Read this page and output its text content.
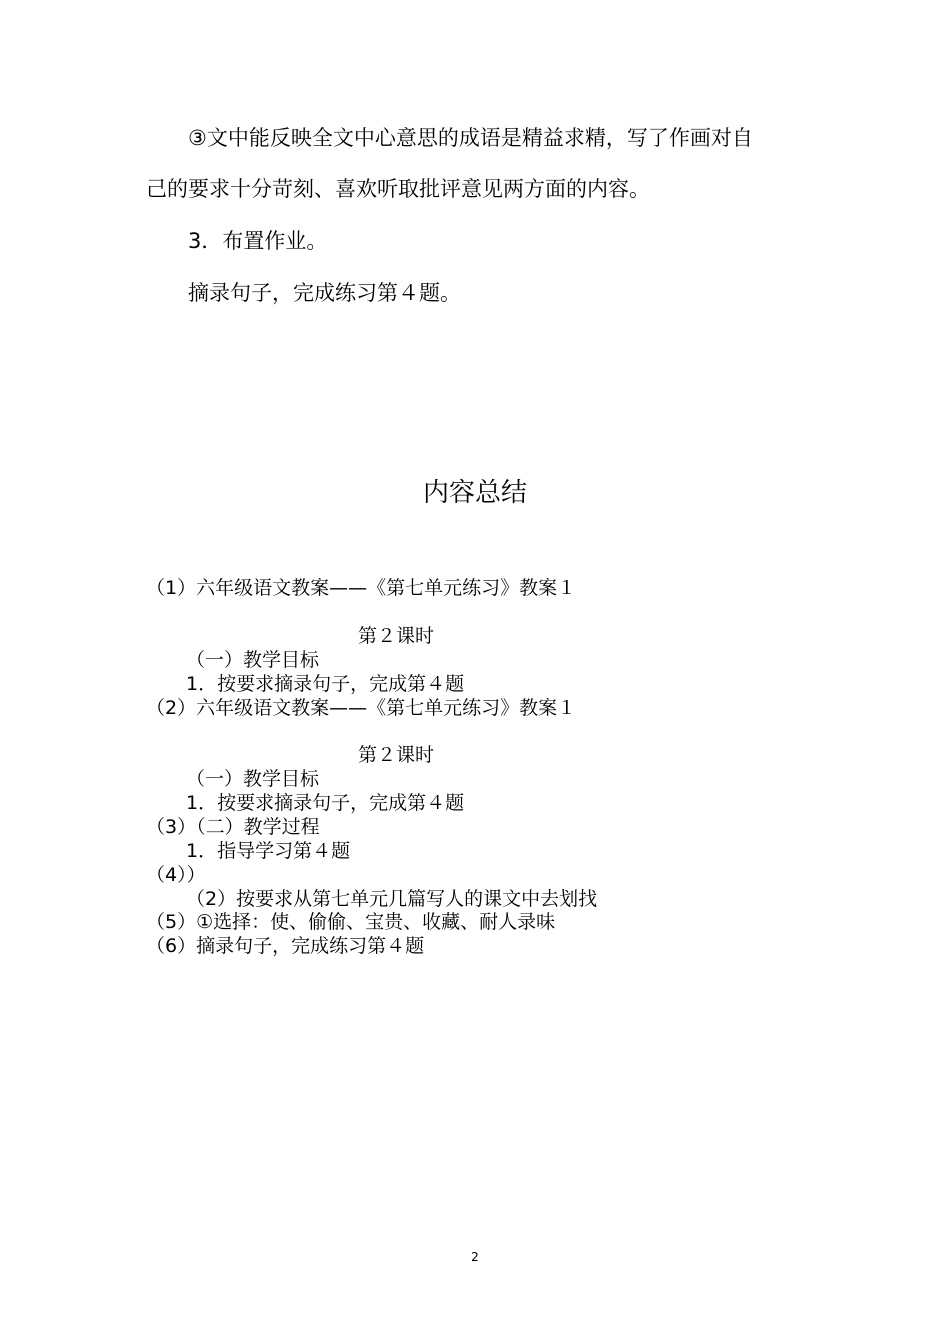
③文中能反映全文中心意思的成语是精益求精，写了作画对自
己的要求十分苛刻、喜欢听取批评意见两方面的内容。
3．布置作业。
摘录句子，完成练习第４题。
内容总结
（1）六年级语文教案——《第七单元练习》教案１
第２课时
（一）教学目标
1．按要求摘录句子，完成第４题
（2）六年级语文教案——《第七单元练习》教案１
第２课时
（一）教学目标
1．按要求摘录句子，完成第４题
（3）（二）教学过程
1．指导学习第４题
（4））
（2）按要求从第七单元几篇写人的课文中去划找
（5）①选择：使、偷偷、宝贵、收藏、耐人录味
（6）摘录句子，完成练习第４题
2
